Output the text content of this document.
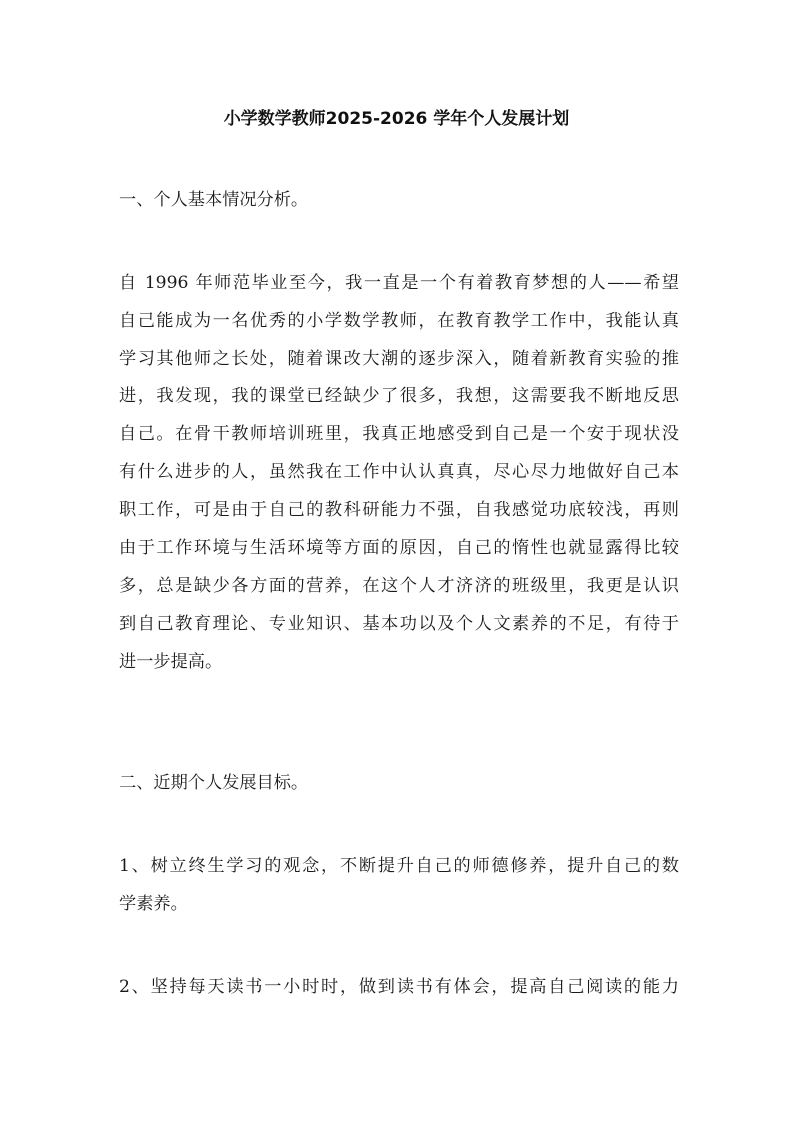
小学数学教师2025-2026 学年个人发展计划
一、个人基本情况分析。
自 1996 年师范毕业至今，我一直是一个有着教育梦想的人——希望
自己能成为一名优秀的小学数学教师，在教育教学工作中，我能认真
学习其他师之长处，随着课改大潮的逐步深入，随着新教育实验的推
进，我发现，我的课堂已经缺少了很多，我想，这需要我不断地反思
自己。在骨干教师培训班里，我真正地感受到自己是一个安于现状没
有什么进步的人，虽然我在工作中认认真真，尽心尽力地做好自己本
职工作，可是由于自己的教科研能力不强，自我感觉功底较浅，再则
由于工作环境与生活环境等方面的原因，自己的惰性也就显露得比较
多，总是缺少各方面的营养，在这个人才济济的班级里，我更是认识
到自己教育理论、专业知识、基本功以及个人文素养的不足，有待于
进一步提高。
二、近期个人发展目标。
1、树立终生学习的观念，不断提升自己的师德修养，提升自己的数
学素养。
2、坚持每天读书一小时时，做到读书有体会，提高自己阅读的能力
